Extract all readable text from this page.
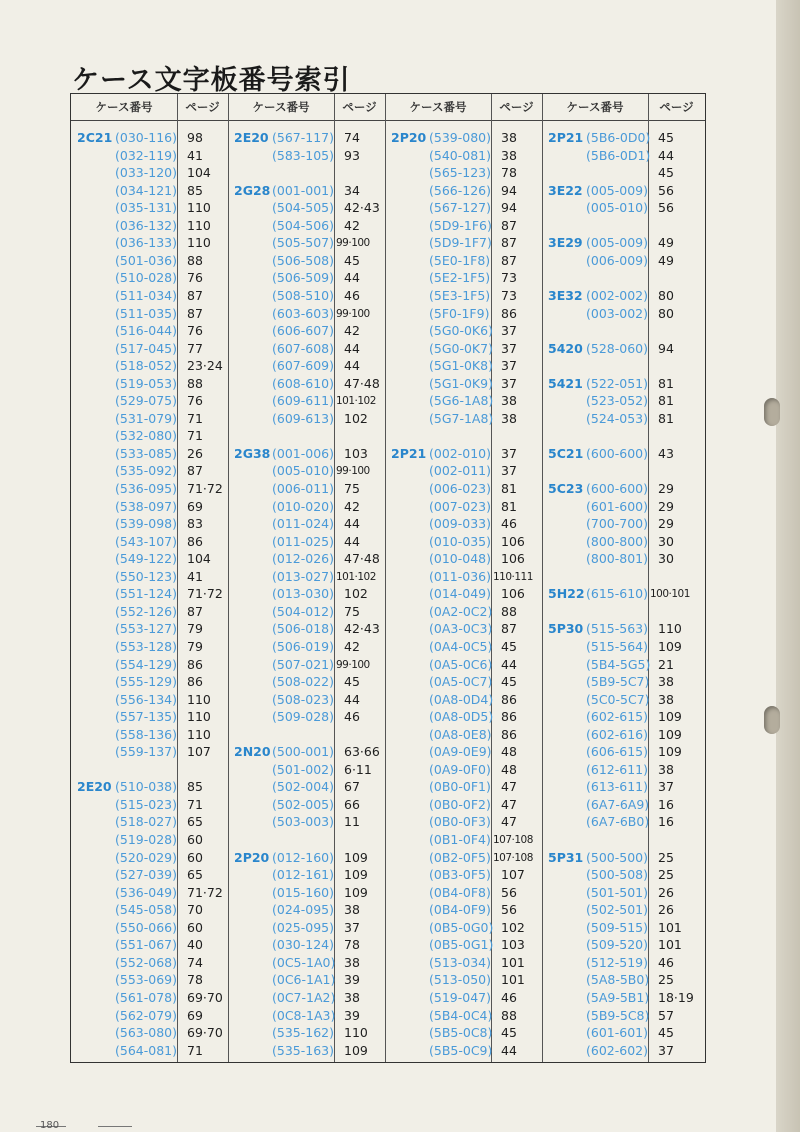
ケース文字板番号索引
ケース番号	ページ
2C21 (030-116) 98
(032-119) 41
(033-120) 104
(034-121) 85
(035-131) 110
(036-132) 110
(036-133) 110
(501-036) 88
(510-028) 76
(511-034) 87
(511-035) 87
(516-044) 76
(517-045) 77
(518-052) 23·24
(519-053) 88
(529-075) 76
(531-079) 71
(532-080) 71
(533-085) 26
(535-092) 87
(536-095) 71·72
(538-097) 69
(539-098) 83
(543-107) 86
(549-122) 104
(550-123) 41
(551-124) 71·72
(552-126) 87
(553-127) 79
(553-128) 79
(554-129) 86
(555-129) 86
(556-134) 110
(557-135) 110
(558-136) 110
(559-137) 107
2E20 (510-038) 85
(515-023) 71
(518-027) 65
(519-028) 60
(520-029) 60
(527-039) 65
(536-049) 71·72
(545-058) 70
(550-066) 60
(551-067) 40
(552-068) 74
(553-069) 78
(561-078) 69·70
(562-079) 69
(563-080) 69·70
(564-081) 71
ケース番号	ページ
2E20 (567-117) 74
(583-105) 93
2G28 (001-001) 34
(504-505) 42·43
(504-506) 42
(505-507) 99·100
(506-508) 45
(506-509) 44
(508-510) 46
(603-603) 99·100
(606-607) 42
(607-608) 44
(607-609) 44
(608-610) 47·48
(609-611) 101·102
(609-613) 102
2G38 (001-006) 103
(005-010) 99·100
(006-011) 75
(010-020) 42
(011-024) 44
(011-025) 44
(012-026) 47·48
(013-027) 101·102
(013-030) 102
(504-012) 75
(506-018) 42·43
(506-019) 42
(507-021) 99·100
(508-022) 45
(508-023) 44
(509-028) 46
2N20 (500-001) 63·66
(501-002) 6·11
(502-004) 67
(502-005) 66
(503-003) 11
2P20 (012-160) 109
(012-161) 109
(015-160) 109
(024-095) 38
(025-095) 37
(030-124) 78
(0C5-1A0) 38
(0C6-1A1) 39
(0C7-1A2) 38
(0C8-1A3) 39
(535-162) 110
(535-163) 109
ケース番号	ページ
2P20 (539-080) 38
(540-081) 38
(565-123) 78
(566-126) 94
(567-127) 94
(5D9-1F6) 87
(5D9-1F7) 87
(5E0-1F8) 87
(5E2-1F5) 73
(5E3-1F5) 73
(5F0-1F9) 86
(5G0-0K6) 37
(5G0-0K7) 37
(5G1-0K8) 37
(5G1-0K9) 37
(5G6-1A8) 38
(5G7-1A8) 38
2P21 (002-010) 37
(002-011) 37
(006-023) 81
(007-023) 81
(009-033) 46
(010-035) 106
(010-048) 106
(011-036) 110·111
(014-049) 106
(0A2-0C2) 88
(0A3-0C3) 87
(0A4-0C5) 45
(0A5-0C6) 44
(0A5-0C7) 45
(0A8-0D4) 86
(0A8-0D5) 86
(0A8-0E8) 86
(0A9-0E9) 48
(0A9-0F0) 48
(0B0-0F1) 47
(0B0-0F2) 47
(0B0-0F3) 47
(0B1-0F4) 107·108
(0B2-0F5) 107·108
(0B3-0F5) 107
(0B4-0F8) 56
(0B4-0F9) 56
(0B5-0G0) 102
(0B5-0G1) 103
(513-034) 101
(513-050) 101
(519-047) 46
(5B4-0C4) 88
(5B5-0C8) 45
(5B5-0C9) 44
ケース番号	ページ
2P21 (5B6-0D0) 45
(5B6-0D1) 44
45
3E22 (005-009) 56
(005-010) 56
3E29 (005-009) 49
(006-009) 49
3E32 (002-002) 80
(003-002) 80
5420 (528-060) 94
5421 (522-051) 81
(523-052) 81
(524-053) 81
5C21 (600-600) 43
5C23 (600-600) 29
(601-600) 29
(700-700) 29
(800-800) 30
(800-801) 30
5H22 (615-610) 100·101
5P30 (515-563) 110
(515-564) 109
(5B4-5G5) 21
(5B9-5C7) 38
(5C0-5C7) 38
(602-615) 109
(602-616) 109
(606-615) 109
(612-611) 38
(613-611) 37
(6A7-6A9) 16
(6A7-6B0) 16
5P31 (500-500) 25
(500-508) 25
(501-501) 26
(502-501) 26
(509-515) 101
(509-520) 101
(512-519) 46
(5A8-5B0) 25
(5A9-5B1) 18·19
(5B9-5C8) 57
(601-601) 45
(602-602) 37
180
